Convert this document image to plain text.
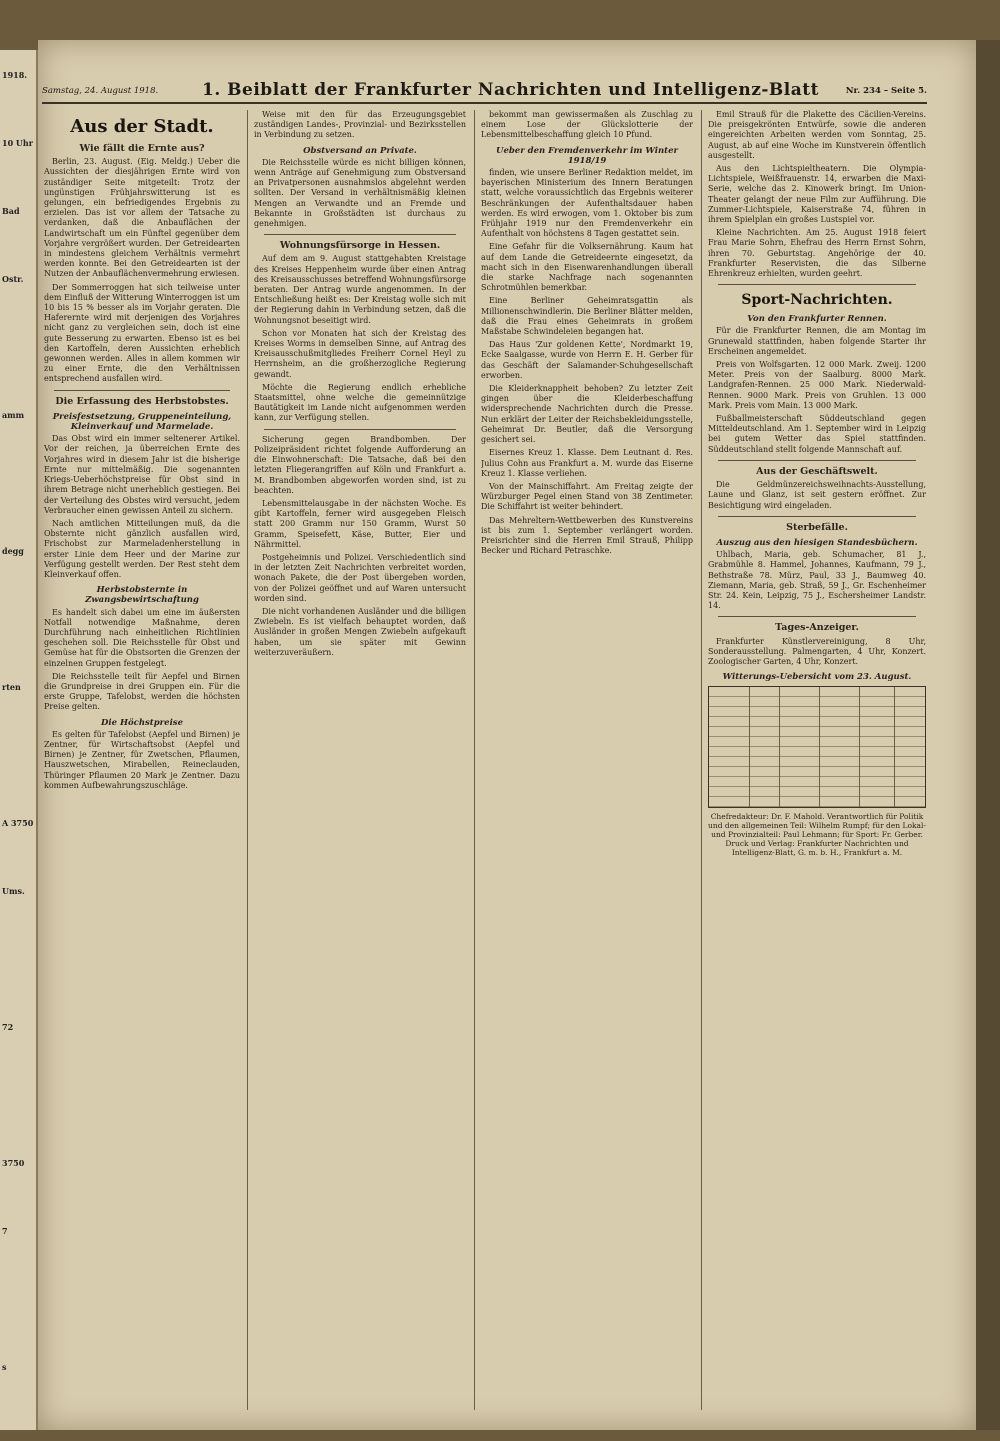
1918.
10 Uhr
Bad
Ostr.
amm
degg
rten
A 3750
Ums.
72
3750
7
s
Samstag, 24. August 1918.	1. Beiblatt der Frankfurter Nachrichten und Intelligenz-Blatt	Nr. 234 – Seite 5.
Aus der Stadt.
Wie fällt die Ernte aus?

Berlin, 23. August. (Eig. Meldg.) Ueber die Aussichten der diesjährigen Ernte wird von zuständiger Seite mitgeteilt: Trotz der ungünstigen Frühjahrswitterung ist es gelungen, ein befriedigendes Ergebnis zu erzielen. Das ist vor allem der Tatsache zu verdanken, daß die Anbauflächen der Landwirtschaft um ein Fünftel gegenüber dem Vorjahre vergrößert wurden. Der Getreidearten in mindestens gleichem Verhältnis vermehrt werden konnte. Bei den Getreidearten ist der Nutzen der Anbauflächenvermehrung erwiesen.

Der Sommerroggen hat sich teilweise unter dem Einfluß der Witterung Winterroggen ist um 10 bis 15 % besser als im Vorjahr geraten. Die Haferernte wird mit derjenigen des Vorjahres nicht ganz zu vergleichen sein, doch ist eine gute Besserung zu erwarten. Ebenso ist es bei den Kartoffeln, deren Aussichten erheblich gewonnen werden. Alles in allem kommen wir zu einer Ernte, die den Verhältnissen entsprechend ausfallen wird.

Die Erfassung des Herbstobstes.
Preisfestsetzung, Gruppeneinteilung, Kleinverkauf und Marmelade.

Das Obst wird ein immer seltenerer Artikel. Vor der reichen, ja überreichen Ernte des Vorjahres wird in diesem Jahr ist die bisherige Ernte nur mittelmäßig. Die sogenannten Kriegs-Ueberhöchstpreise für Obst sind in ihrem Betrage nicht unerheblich gestiegen. Bei der Verteilung des Obstes wird versucht, jedem Verbraucher einen gewissen Anteil zu sichern.

Nach amtlichen Mitteilungen muß, da die Obsternte nicht gänzlich ausfallen wird, Frischobst zur Marmeladenherstellung in erster Linie dem Heer und der Marine zur Verfügung gestellt werden. Der Rest steht dem Kleinverkauf offen.

Herbstobsternte in Zwangsbewirtschaftung

Es handelt sich dabei um eine im äußersten Notfall notwendige Maßnahme, deren Durchführung nach einheitlichen Richtlinien geschehen soll. Die Reichsstelle für Obst und Gemüse hat für die Obstsorten die Grenzen der einzelnen Gruppen festgelegt.

Die Reichsstelle teilt für Aepfel und Birnen die Grundpreise in drei Gruppen ein. Für die erste Gruppe, Tafelobst, werden die höchsten Preise gelten.

Die Höchstpreise

Es gelten für Tafelobst (Aepfel und Birnen) je Zentner, für Wirtschaftsobst (Aepfel und Birnen) je Zentner, für Zwetschen, Pflaumen, Hauszwetschen, Mirabellen, Reineclauden, Thüringer Pflaumen 20 Mark je Zentner. Dazu kommen Aufbewahrungszuschläge.

Weise mit den für das Erzeugungsgebiet zuständigen Landes-, Provinzial- und Bezirksstellen in Verbindung zu setzen.

Obstversand an Private.

Die Reichsstelle würde es nicht billigen können, wenn Anträge auf Genehmigung zum Obstversand an Privatpersonen ausnahmslos abgelehnt werden sollten. Der Versand in verhältnismäßig kleinen Mengen an Verwandte und an Fremde und Bekannte in Großstädten ist durchaus zu genehmigen.

Wohnungsfürsorge in Hessen.

Auf dem am 9. August stattgehabten Kreistage des Kreises Heppenheim wurde über einen Antrag des Kreisausschusses betreffend Wohnungsfürsorge beraten. Der Antrag wurde angenommen. In der Entschließung heißt es: Der Kreistag wolle sich mit der Regierung dahin in Verbindung setzen, daß die Wohnungsnot beseitigt wird.

Schon vor Monaten hat sich der Kreistag des Kreises Worms in demselben Sinne, auf Antrag des Kreisausschußmitgliedes Freiherr Cornel Heyl zu Herrnsheim, an die großherzogliche Regierung gewandt.

Möchte die Regierung endlich erhebliche Staatsmittel, ohne welche die gemeinnützige Bautätigkeit im Lande nicht aufgenommen werden kann, zur Verfügung stellen.

Sicherung gegen Brandbomben. Der Polizeipräsident richtet folgende Aufforderung an die Einwohnerschaft: Die Tatsache, daß bei den letzten Fliegerangriffen auf Köln und Frankfurt a. M. Brandbomben abgeworfen worden sind, ist zu beachten.

Lebensmittelausgabe in der nächsten Woche. Es gibt Kartoffeln, ferner wird ausgegeben Fleisch statt 200 Gramm nur 150 Gramm, Wurst 50 Gramm, Speisefett, Käse, Butter, Eier und Nährmittel.

Postgeheimnis und Polizei. Verschiedentlich sind in der letzten Zeit Nachrichten verbreitet worden, wonach Pakete, die der Post übergeben worden, von der Polizei geöffnet und auf Waren untersucht worden sind.

Die nicht vorhandenen Ausländer und die billigen Zwiebeln. Es ist vielfach behauptet worden, daß Ausländer in großen Mengen Zwiebeln aufgekauft haben, um sie später mit Gewinn weiterzuveräußern.

bekommt man gewissermaßen als Zuschlag zu einem Lose der Glückslotterie der Lebensmittelbeschaffung gleich 10 Pfund.

Ueber den Fremdenverkehr im Winter 1918/19

finden, wie unsere Berliner Redaktion meldet, im bayerischen Ministerium des Innern Beratungen statt, welche voraussichtlich das Ergebnis weiterer Beschränkungen der Aufenthaltsdauer haben werden. Es wird erwogen, vom 1. Oktober bis zum Frühjahr 1919 nur den Fremdenverkehr ein Aufenthalt von höchstens 8 Tagen gestattet sein.

Eine Gefahr für die Volksernährung. Kaum hat auf dem Lande die Getreideernte eingesetzt, da macht sich in den Eisenwarenhandlungen überall die starke Nachfrage nach sogenannten Schrotmühlen bemerkbar.

Eine Berliner Geheimratsgattin als Millionenschwindlerin. Die Berliner Blätter melden, daß die Frau eines Geheimrats in großem Maßstabe Schwindeleien begangen hat.

Das Haus 'Zur goldenen Kette', Nordmarkt 19, Ecke Saalgasse, wurde von Herrn E. H. Gerber für das Geschäft der Salamander-Schuhgesellschaft erworben.

Die Kleiderknappheit behoben? Zu letzter Zeit gingen über die Kleiderbeschaffung widersprechende Nachrichten durch die Presse. Nun erklärt der Leiter der Reichsbekleidungsstelle, Geheimrat Dr. Beutler, daß die Versorgung gesichert sei.

Eisernes Kreuz 1. Klasse. Dem Leutnant d. Res. Julius Cohn aus Frankfurt a. M. wurde das Eiserne Kreuz 1. Klasse verliehen.

Von der Mainschiffahrt. Am Freitag zeigte der Würzburger Pegel einen Stand von 38 Zentimeter. Die Schiffahrt ist weiter behindert.

Das Mehreltern-Wettbewerben des Kunstvereins ist bis zum 1. September verlängert worden. Preisrichter sind die Herren Emil Strauß, Philipp Becker und Richard Petraschke.

Emil Strauß für die Plakette des Cäcilien-Vereins. Die preisgekrönten Entwürfe, sowie die anderen eingereichten Arbeiten werden vom Sonntag, 25. August, ab auf eine Woche im Kunstverein öffentlich ausgestellt.

Aus den Lichtspieltheatern. Die Olympia-Lichtspiele, Weißfrauenstr. 14, erwarben die Maxi-Serie, welche das 2. Kinowerk bringt. Im Union-Theater gelangt der neue Film zur Aufführung. Die Zummer-Lichtspiele, Kaiserstraße 74, führen in ihrem Spielplan ein großes Lustspiel vor.

Kleine Nachrichten. Am 25. August 1918 feiert Frau Marie Sohrn, Ehefrau des Herrn Ernst Sohrn, ihren 70. Geburtstag. Angehörige der 40. Frankfurter Reservisten, die das Silberne Ehrenkreuz erhielten, wurden geehrt.

Sport-Nachrichten.
Von den Frankfurter Rennen.

Für die Frankfurter Rennen, die am Montag im Grunewald stattfinden, haben folgende Starter ihr Erscheinen angemeldet.

Preis von Wolfsgarten. 12 000 Mark. Zweij. 1200 Meter. Preis von der Saalburg. 8000 Mark. Landgrafen-Rennen. 25 000 Mark. Niederwald-Rennen. 9000 Mark. Preis von Gruhlen. 13 000 Mark. Preis vom Main. 13 000 Mark.

Fußballmeisterschaft Süddeutschland gegen Mitteldeutschland. Am 1. September wird in Leipzig bei gutem Wetter das Spiel stattfinden. Süddeutschland stellt folgende Mannschaft auf.

Aus der Geschäftswelt.

Die Geldmünzereichsweihnachts-Ausstellung, Laune und Glanz, ist seit gestern eröffnet. Zur Besichtigung wird eingeladen.

Sterbefälle.
Auszug aus den hiesigen Standesbüchern.

Uhlbach, Maria, geb. Schumacher, 81 J., Grabmühle 8. Hammel, Johannes, Kaufmann, 79 J., Bethstraße 78. Mürz, Paul, 33 J., Baumweg 40. Ziemann, Maria, geb. Straß, 59 J., Gr. Eschenheimer Str. 24. Kein, Leipzig, 75 J., Eschersheimer Landstr. 14.

Tages-Anzeiger.

Frankfurter Künstlervereinigung, 8 Uhr, Sonderausstellung. Palmengarten, 4 Uhr, Konzert. Zoologischer Garten, 4 Uhr, Konzert.

Witterungs-Uebersicht vom 23. August.
Chefredakteur: Dr. F. Mahold. Verantwortlich für Politik und den allgemeinen Teil: Wilhelm Rumpf; für den Lokal- und Provinzialteil: Paul Lehmann; für Sport: Fr. Gerber. Druck und Verlag: Frankfurter Nachrichten und Intelligenz-Blatt, G. m. b. H., Frankfurt a. M.
